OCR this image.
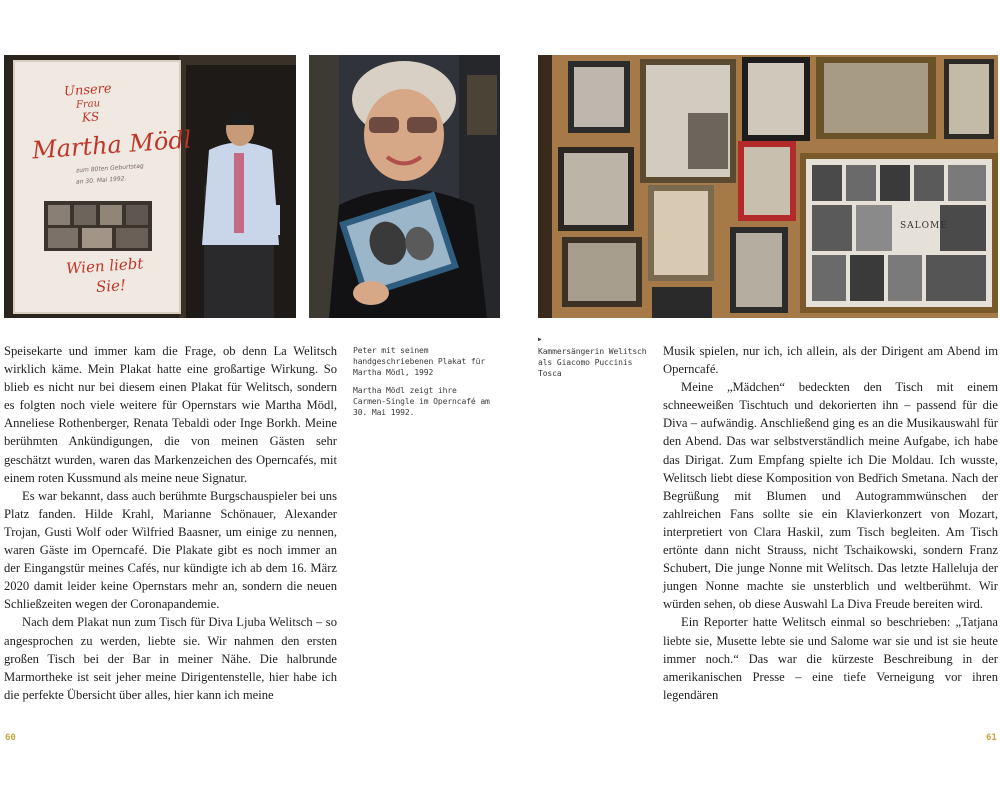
Unsere
Frau
KS
Martha Mödl
zum 80ten Geburtstag
an 30. Mai 1992.
Wien liebt
Sie!
SALOME

Speisekarte und immer kam die Frage, ob denn La Welitsch wirklich käme. Mein Plakat hatte eine großartige Wirkung. So blieb es nicht nur bei diesem einen Plakat für Welitsch, sondern es folgten noch viele weitere für Opernstars wie Martha Mödl, Anneliese Rothenberger, Renata Tebaldi oder Inge Borkh. Meine berühmten Ankündigungen, die von meinen Gästen sehr geschätzt wurden, waren das Markenzeichen des Operncafés, mit einem roten Kussmund als meine neue Signatur.

Es war bekannt, dass auch berühmte Burgschauspieler bei uns Platz fanden. Hilde Krahl, Marianne Schönauer, Alexander Trojan, Gusti Wolf oder Wilfried Baasner, um einige zu nennen, waren Gäste im Operncafé. Die Plakate gibt es noch immer an der Eingangstür meines Cafés, nur kündigte ich ab dem 16. März 2020 damit leider keine Opernstars mehr an, sondern die neuen Schließzeiten wegen der Coronapandemie.

Nach dem Plakat nun zum Tisch für Diva Ljuba Welitsch – so angesprochen zu werden, liebte sie. Wir nahmen den ersten großen Tisch bei der Bar in meiner Nähe. Die halbrunde Marmortheke ist seit jeher meine Dirigentenstelle, hier habe ich die perfekte Übersicht über alles, hier kann ich meine

Peter mit seinem handgeschriebenen Plakat für Martha Mödl, 1992

Martha Mödl zeigt ihre Carmen-Single im Operncafé am 30. Mai 1992.

▶
Kammersängerin Welitsch als Giacomo Puccinis Tosca

Musik spielen, nur ich, ich allein, als der Dirigent am Abend im Operncafé.

Meine „Mädchen“ bedeckten den Tisch mit einem schneeweißen Tischtuch und dekorierten ihn – passend für die Diva – aufwändig. Anschließend ging es an die Musikauswahl für den Abend. Das war selbstverständlich meine Aufgabe, ich habe das Dirigat. Zum Empfang spielte ich Die Moldau. Ich wusste, Welitsch liebt diese Komposition von Bedřich Smetana. Nach der Begrüßung mit Blumen und Autogrammwünschen der zahlreichen Fans sollte sie ein Klavierkonzert von Mozart, interpretiert von Clara Haskil, zum Tisch begleiten. Am Tisch ertönte dann nicht Strauss, nicht Tschaikowski, sondern Franz Schubert, Die junge Nonne mit Welitsch. Das letzte Halleluja der jungen Nonne machte sie unsterblich und weltberühmt. Wir würden sehen, ob diese Auswahl La Diva Freude bereiten wird.

Ein Reporter hatte Welitsch einmal so beschrieben: „Tatjana liebte sie, Musette lebte sie und Salome war sie und ist sie heute immer noch.“ Das war die kürzeste Beschreibung in der amerikanischen Presse – eine tiefe Verneigung vor ihren legendären

60	61
